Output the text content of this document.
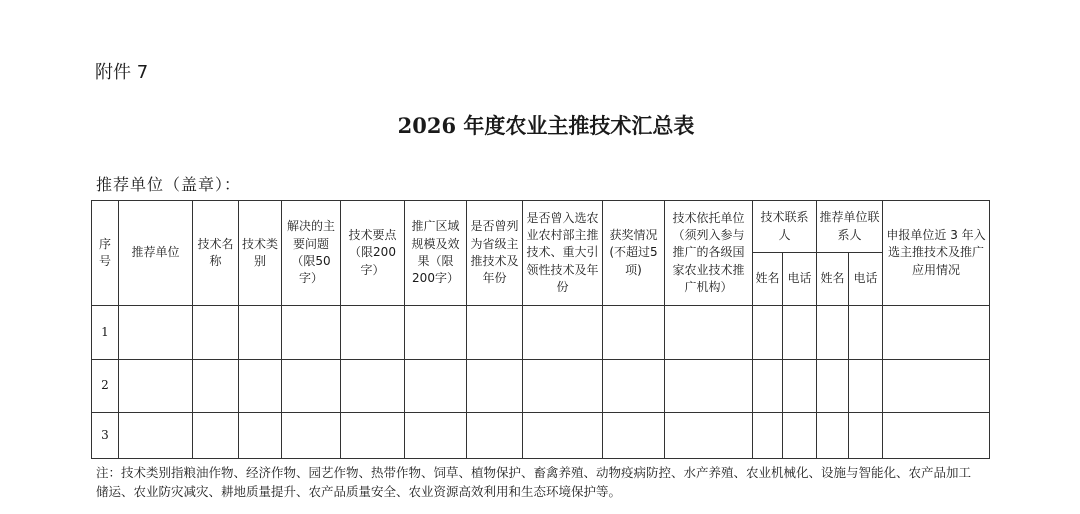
附件 7
2026 年度农业主推技术汇总表
推荐单位（盖章）：
序号	推荐单位	技术名称	技术类别	解决的主要问题（限50字）	技术要点（限200字）	推广区域规模及效果（限200字）	是否曾列为省级主推技术及年份	是否曾入选农业农村部主推技术、重大引领性技术及年份	获奖情况(不超过5项)	技术依托单位（须列入参与推广的各级国家农业技术推广机构）	技术联系人		推荐单位联系人		申报单位近 3 年入选主推技术及推广应用情况
											姓名	电话	姓名	电话	
1															
2															
3															
注： 技术类别指粮油作物、经济作物、园艺作物、热带作物、饲草、植物保护、畜禽养殖、动物疫病防控、水产养殖、农业机械化、设施与智能化、农产品加工储运、农业防灾减灾、耕地质量提升、农产品质量安全、农业资源高效利用和生态环境保护等。
